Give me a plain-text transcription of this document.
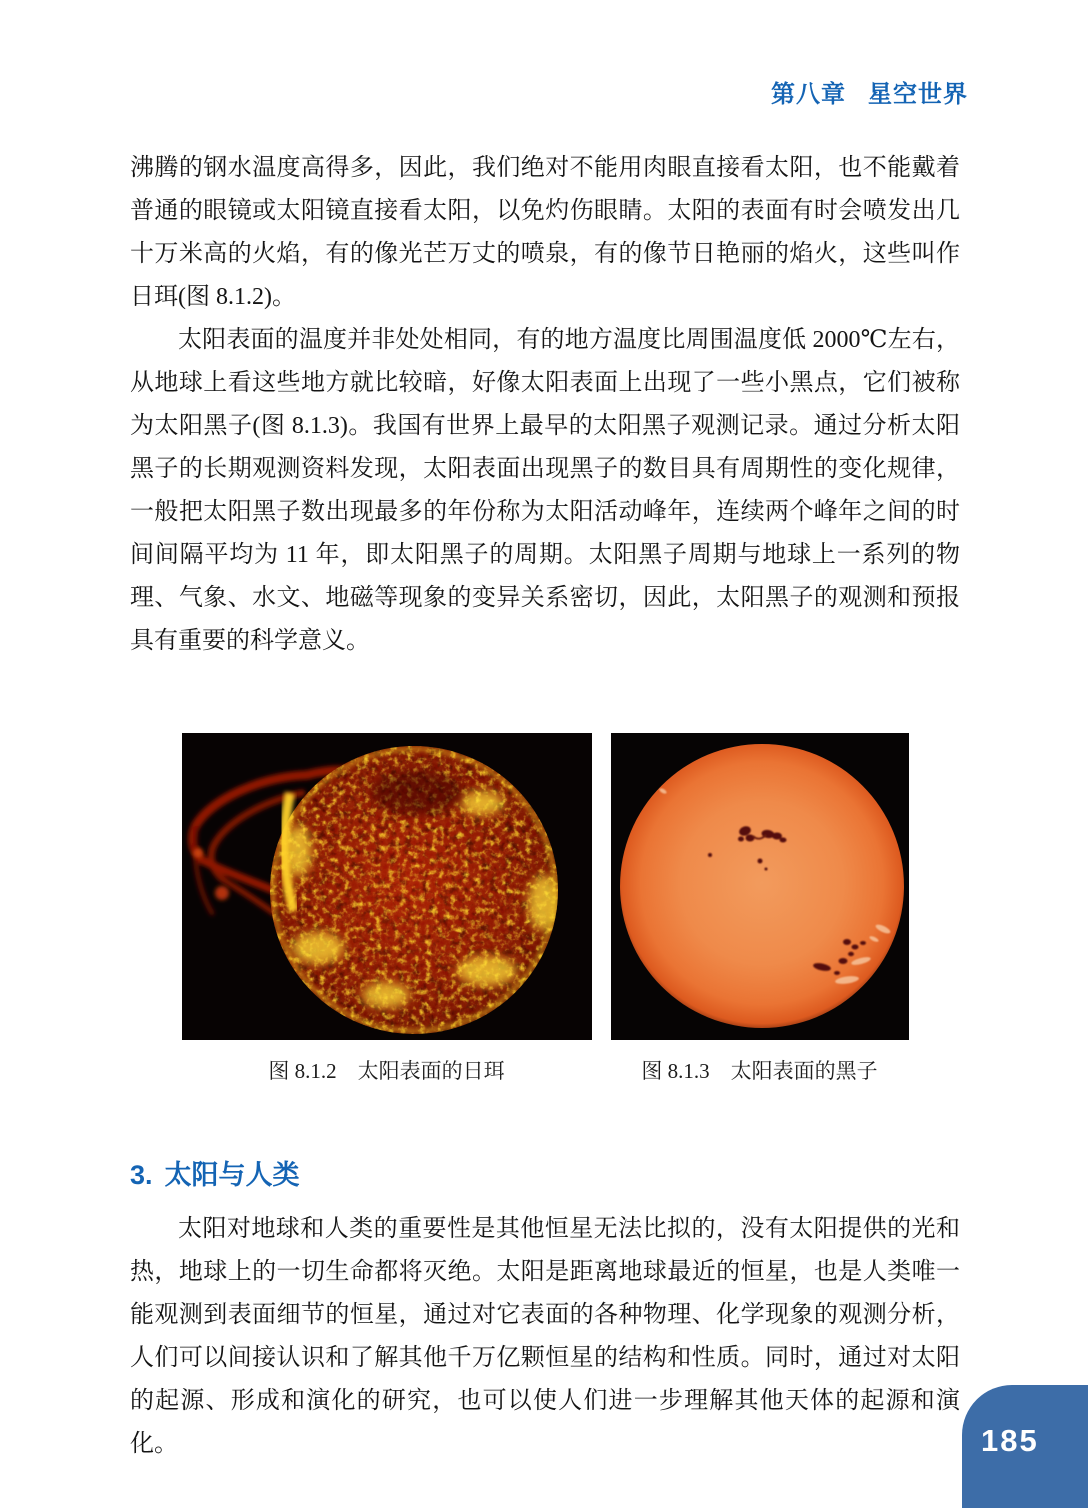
第八章 星空世界

沸腾的钢水温度高得多，因此，我们绝对不能用肉眼直接看太阳，也不能戴着普通的眼镜或太阳镜直接看太阳，以免灼伤眼睛。太阳的表面有时会喷发出几十万米高的火焰，有的像光芒万丈的喷泉，有的像节日艳丽的焰火，这些叫作日珥(图 8.1.2)。

太阳表面的温度并非处处相同，有的地方温度比周围温度低 2000℃左右，从地球上看这些地方就比较暗，好像太阳表面上出现了一些小黑点，它们被称为太阳黑子(图 8.1.3)。我国有世界上最早的太阳黑子观测记录。通过分析太阳黑子的长期观测资料发现，太阳表面出现黑子的数目具有周期性的变化规律，一般把太阳黑子数出现最多的年份称为太阳活动峰年，连续两个峰年之间的时间间隔平均为 11 年，即太阳黑子的周期。太阳黑子周期与地球上一系列的物理、气象、水文、地磁等现象的变异关系密切，因此，太阳黑子的观测和预报具有重要的科学意义。

图 8.1.2 太阳表面的日珥	图 8.1.3 太阳表面的黑子
3. 太阳与人类

太阳对地球和人类的重要性是其他恒星无法比拟的，没有太阳提供的光和热，地球上的一切生命都将灭绝。太阳是距离地球最近的恒星，也是人类唯一能观测到表面细节的恒星，通过对它表面的各种物理、化学现象的观测分析，人们可以间接认识和了解其他千万亿颗恒星的结构和性质。同时，通过对太阳的起源、形成和演化的研究，也可以使人们进一步理解其他天体的起源和演化。	185
